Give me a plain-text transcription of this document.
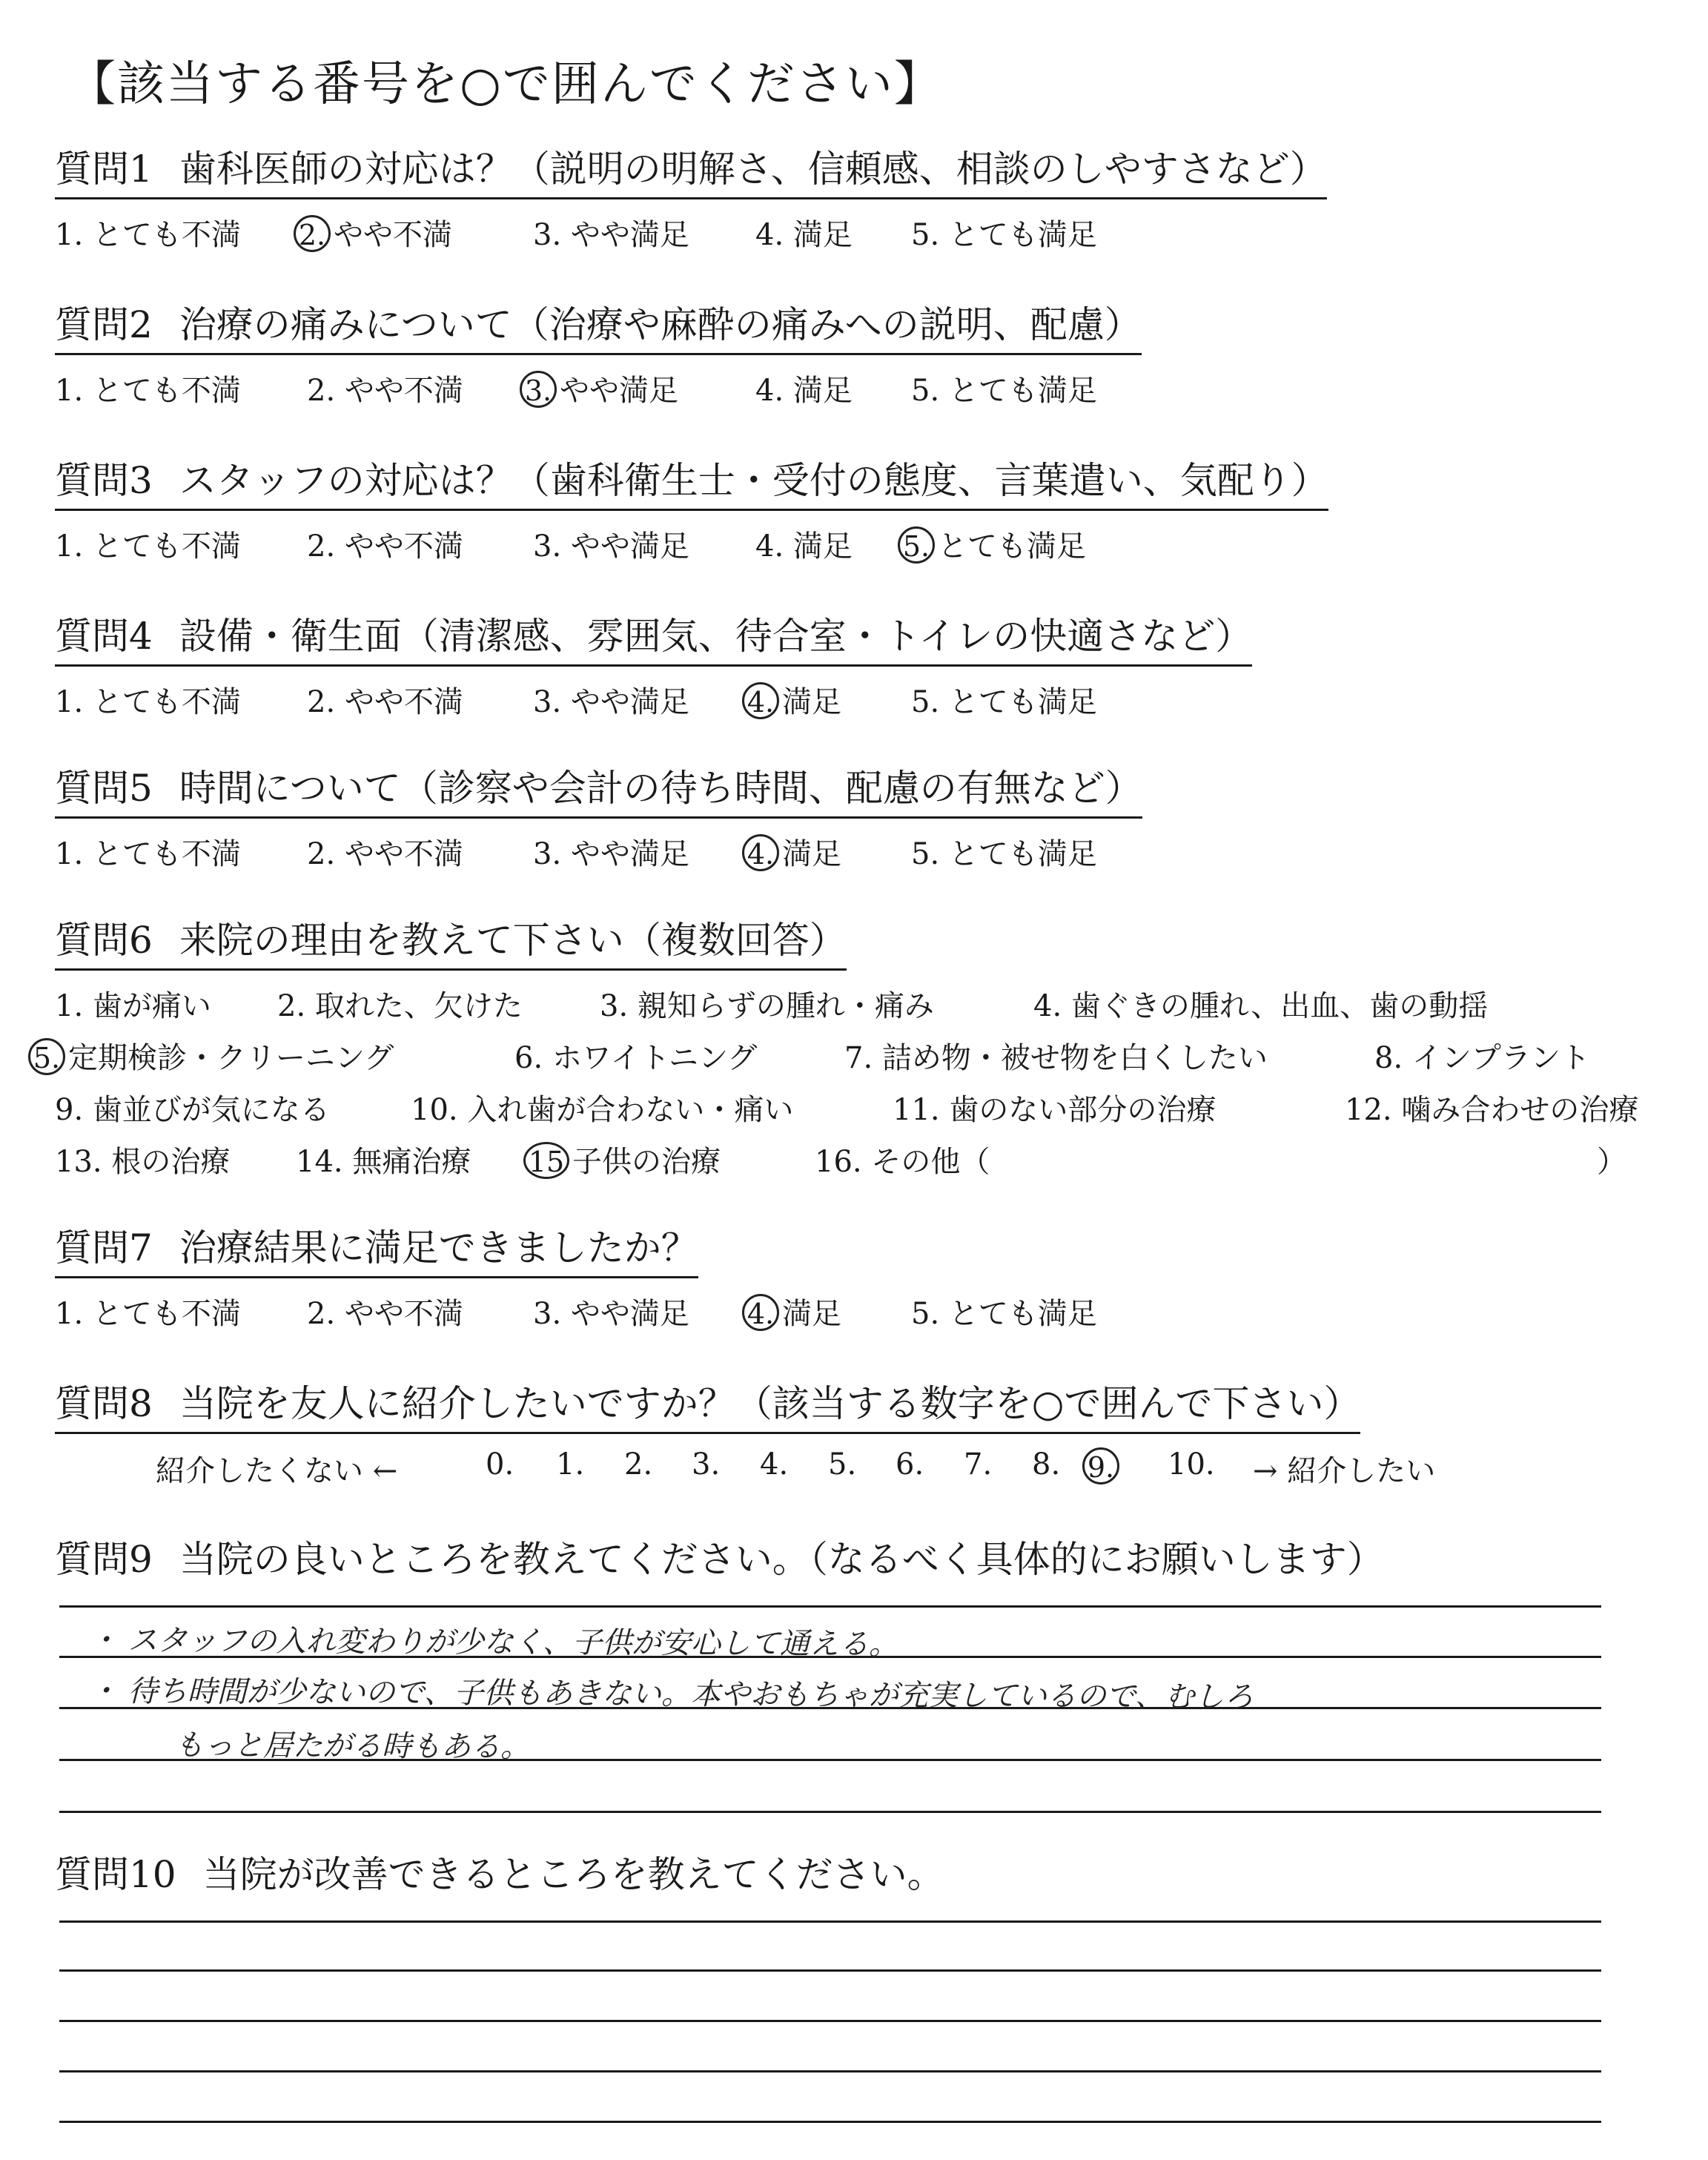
【該当する番号を○で囲んでください】
質問1 歯科医師の対応は？（説明の明解さ、信頼感、相談のしやすさなど）
1. とても不満 2. やや不満	3. やや満足 4. 満足 5. とても満足
質問2 治療の痛みについて（治療や麻酔の痛みへの説明、配慮）
1. とても不満 2. やや不満 3. やや満足	4. 満足 5. とても満足
質問3 スタッフの対応は？（歯科衛生士・受付の態度、言葉遣い、気配り）
1. とても不満 2. やや不満 3. やや満足 4. 満足 5. とても満足
質問4 設備・衛生面（清潔感、雰囲気、待合室・トイレの快適さなど）
1. とても不満 2. やや不満 3. やや満足 4. 満足 5. とても満足
質問5 時間について（診察や会計の待ち時間、配慮の有無など）
1. とても不満 2. やや不満 3. やや満足 4. 満足 5. とても満足
質問6 来院の理由を教えて下さい（複数回答）
1. 歯が痛い 2. 取れた、欠けた	3. 親知らずの腫れ・痛み	4. 歯ぐきの腫れ、出血、歯の動揺
5. 定期検診・クリーニング	6. ホワイトニング	7. 詰め物・被せ物を白くしたい	8. インプラント
9. 歯並びが気になる	10. 入れ歯が合わない・痛い	11. 歯のない部分の治療	12. 噛み合わせの治療
13. 根の治療 14. 無痛治療 15 子供の治療	16. その他（	）
質問7 治療結果に満足できましたか？
1. とても不満 2. やや不満 3. やや満足 4. 満足 5. とても満足
質問8 当院を友人に紹介したいですか？（該当する数字を○で囲んで下さい）
紹介したくない ←	0. 1. 2. 3. 4. 5. 6. 7. 8. 9. 10. → 紹介したい
質問9 当院の良いところを教えてください。（なるべく具体的にお願いします）
・ スタッフの入れ変わりが少なく、子供が安心して通える。
・ 待ち時間が少ないので、子供もあきない。本やおもちゃが充実しているので、むしろ
もっと居たがる時もある。
質問10 当院が改善できるところを教えてください。
